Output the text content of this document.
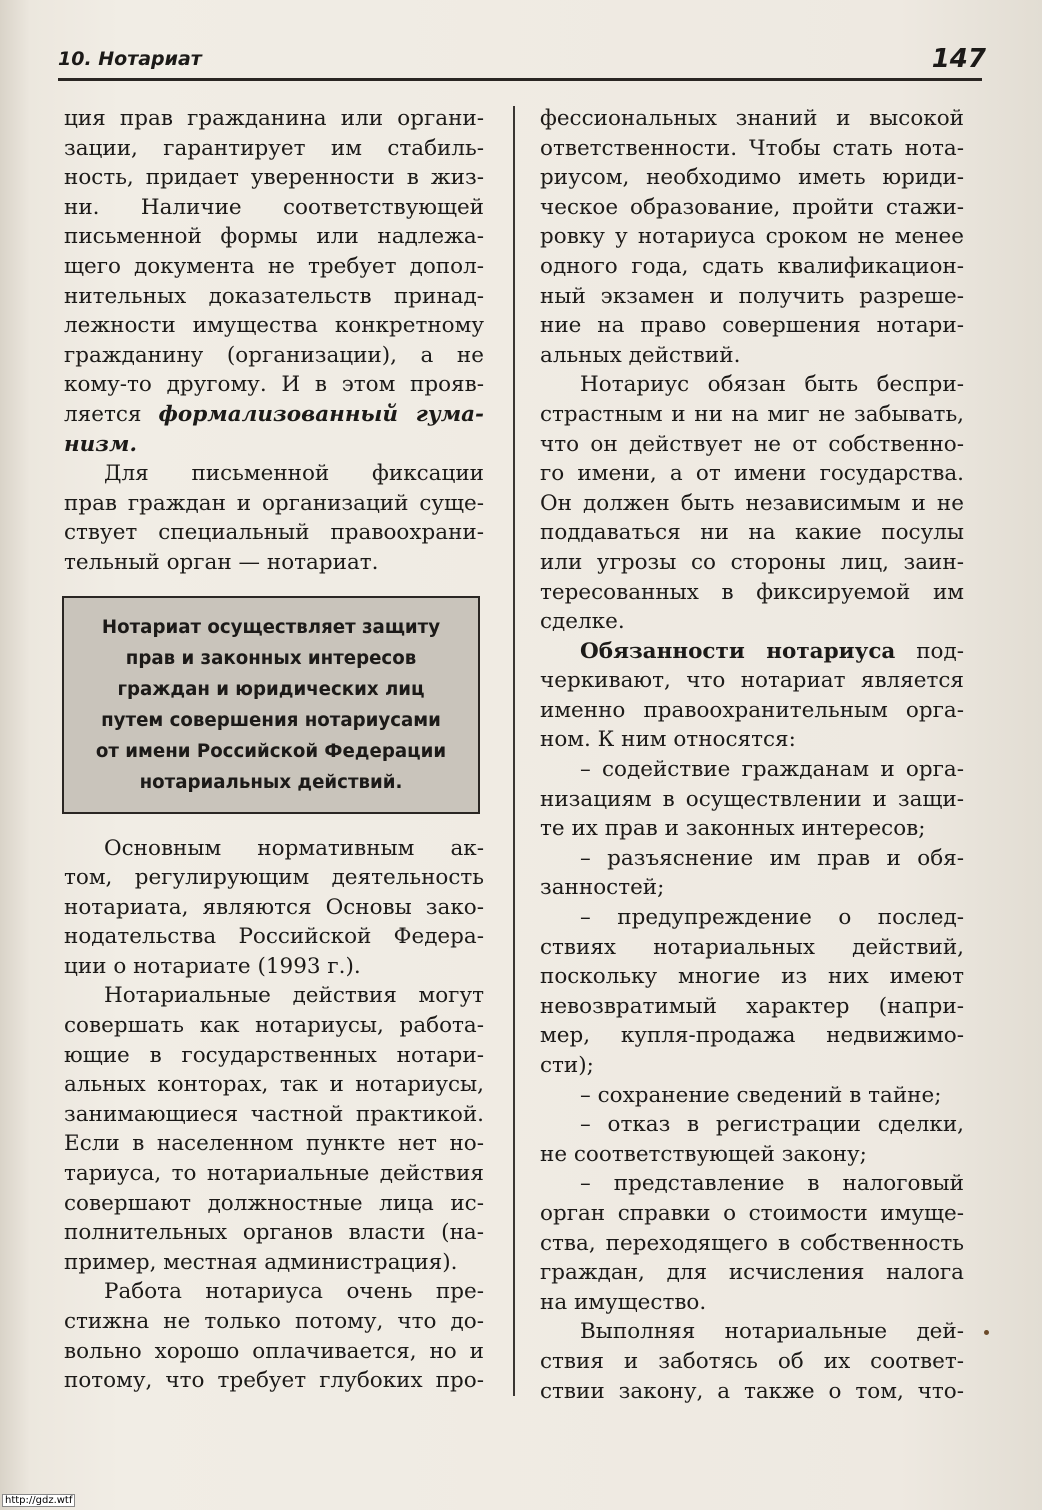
10. Нотариат	147
ция прав гражданина или органи-
зации, гарантирует им стабиль-
ность, придает уверенности в жиз-
ни. Наличие соответствующей
письменной формы или надлежа-
щего документа не требует допол-
нительных доказательств принад-
лежности имущества конкретному
гражданину (организации), а не
кому-то другому. И в этом прояв-
ляется формализованный гума-
низм.
Для письменной фиксации
прав граждан и организаций суще-
ствует специальный правоохрани-
тельный орган — нотариат.
Нотариат осуществляет защиту
прав и законных интересов
граждан и юридических лиц
путем совершения нотариусами
от имени Российской Федерации
нотариальных действий.
Основным нормативным ак-
том, регулирующим деятельность
нотариата, являются Основы зако-
нодательства Российской Федера-
ции о нотариате (1993 г.).
Нотариальные действия могут
совершать как нотариусы, работа-
ющие в государственных нотари-
альных конторах, так и нотариусы,
занимающиеся частной практикой.
Если в населенном пункте нет но-
тариуса, то нотариальные действия
совершают должностные лица ис-
полнительных органов власти (на-
пример, местная администрация).
Работа нотариуса очень пре-
стижна не только потому, что до-
вольно хорошо оплачивается, но и
потому, что требует глубоких про-
фессиональных знаний и высокой
ответственности. Чтобы стать нота-
риусом, необходимо иметь юриди-
ческое образование, пройти стажи-
ровку у нотариуса сроком не менее
одного года, сдать квалификацион-
ный экзамен и получить разреше-
ние на право совершения нотари-
альных действий.
Нотариус обязан быть беспри-
страстным и ни на миг не забывать,
что он действует не от собственно-
го имени, а от имени государства.
Он должен быть независимым и не
поддаваться ни на какие посулы
или угрозы со стороны лиц, заин-
тересованных в фиксируемой им
сделке.
Обязанности нотариуса под-
черкивают, что нотариат является
именно правоохранительным орга-
ном. К ним относятся:
– содействие гражданам и орга-
низациям в осуществлении и защи-
те их прав и законных интересов;
– разъяснение им прав и обя-
занностей;
– предупреждение о послед-
ствиях нотариальных действий,
поскольку многие из них имеют
невозвратимый характер (напри-
мер, купля-продажа недвижимо-
сти);
– сохранение сведений в тайне;
– отказ в регистрации сделки,
не соответствующей закону;
– представление в налоговый
орган справки о стоимости имуще-
ства, переходящего в собственность
граждан, для исчисления налога
на имущество.
Выполняя нотариальные дей-
ствия и заботясь об их соответ-
ствии закону, а также о том, что-
http://gdz.wtf
